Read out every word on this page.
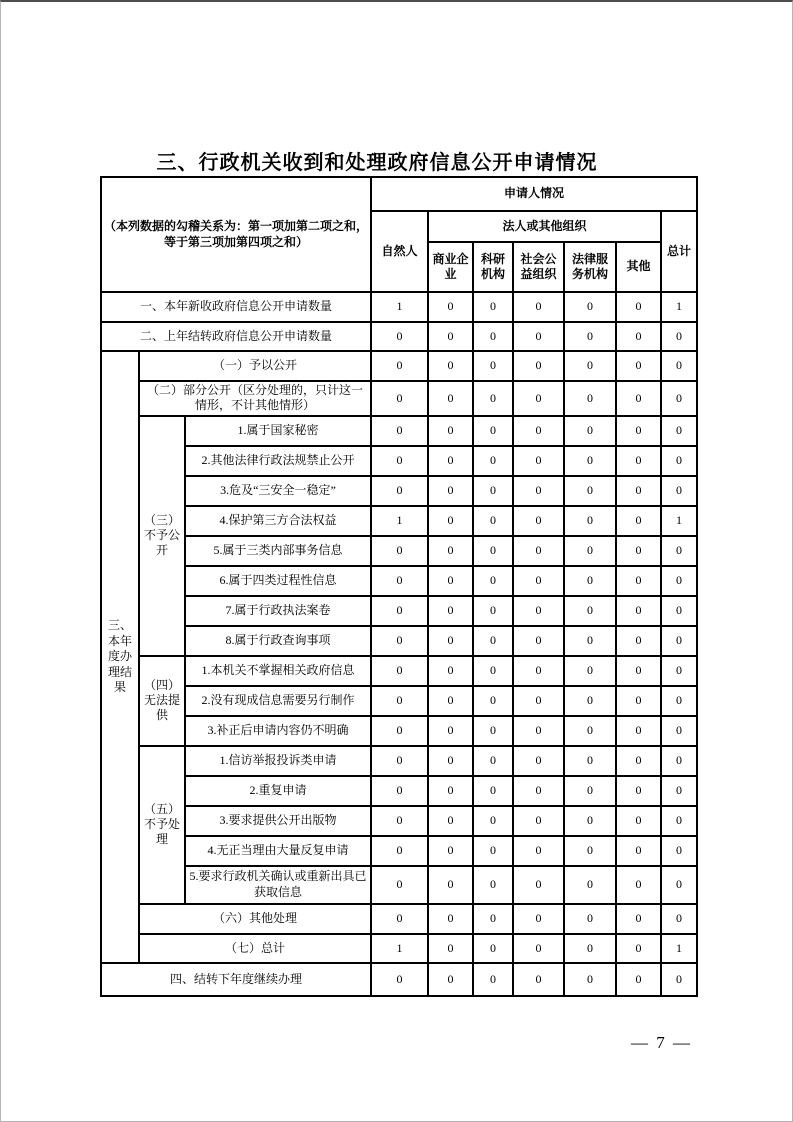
三、行政机关收到和处理政府信息公开申请情况
（本列数据的勾稽关系为：第一项加第二项之和，等于第三项加第四项之和）			申请人情况						
			自然人	法人或其他组织					总计
				商业企业	科研机构	社会公益组织	法律服务机构	其他	
一、本年新收政府信息公开申请数量			1	0	0	0	0	0	1
二、上年结转政府信息公开申请数量			0	0	0	0	0	0	0
三、本年度办理结果	（一）予以公开		0	0	0	0	0	0	0
	（二）部分公开（区分处理的，只计这一情形，不计其他情形）		0	0	0	0	0	0	0
	（三）不予公开	1.属于国家秘密	0	0	0	0	0	0	0
		2.其他法律行政法规禁止公开	0	0	0	0	0	0	0
		3.危及“三安全一稳定”	0	0	0	0	0	0	0
		4.保护第三方合法权益	1	0	0	0	0	0	1
		5.属于三类内部事务信息	0	0	0	0	0	0	0
		6.属于四类过程性信息	0	0	0	0	0	0	0
		7.属于行政执法案卷	0	0	0	0	0	0	0
		8.属于行政查询事项	0	0	0	0	0	0	0
	（四）无法提供	1.本机关不掌握相关政府信息	0	0	0	0	0	0	0
		2.没有现成信息需要另行制作	0	0	0	0	0	0	0
		3.补正后申请内容仍不明确	0	0	0	0	0	0	0
	（五）不予处理	1.信访举报投诉类申请	0	0	0	0	0	0	0
		2.重复申请	0	0	0	0	0	0	0
		3.要求提供公开出版物	0	0	0	0	0	0	0
		4.无正当理由大量反复申请	0	0	0	0	0	0	0
		5.要求行政机关确认或重新出具已获取信息	0	0	0	0	0	0	0
	（六）其他处理		0	0	0	0	0	0	0
	（七）总计		1	0	0	0	0	0	1
四、结转下年度继续办理			0	0	0	0	0	0	0
— 7 —
